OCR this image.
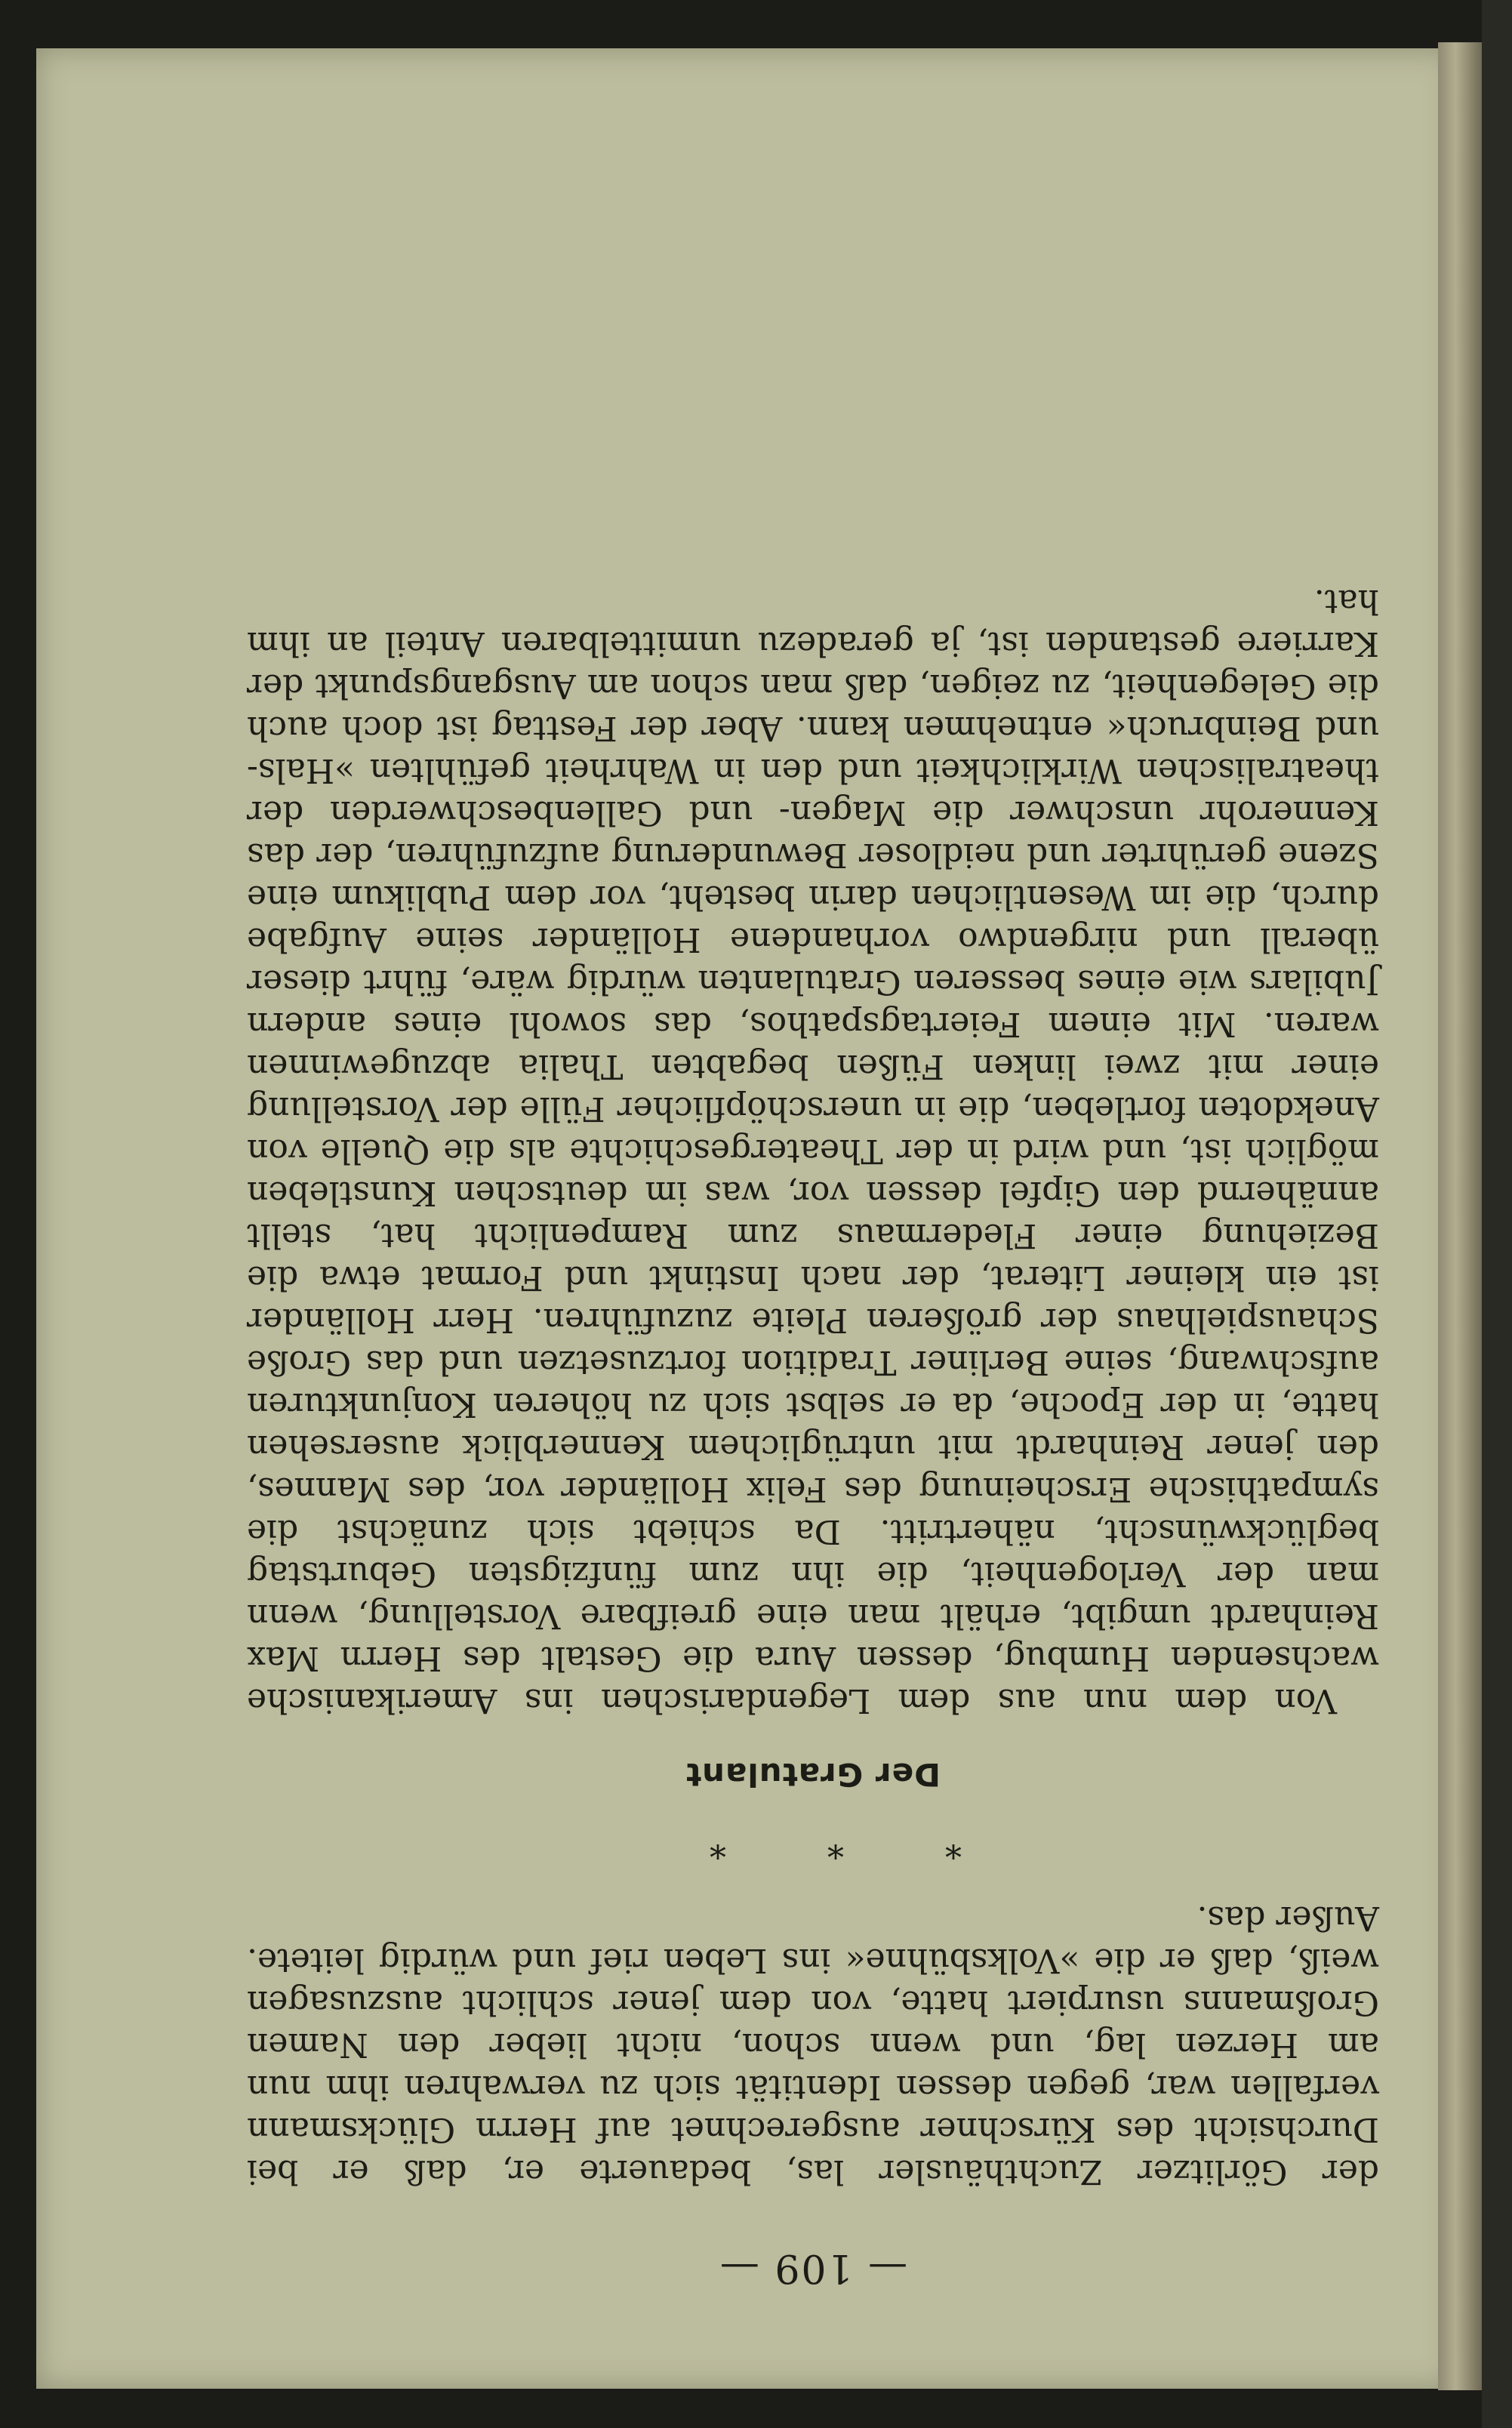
— 109 —

der Görlitzer Zuchthäusler las, bedauerte er, daß er bei Durchsicht des Kürschner ausgerechnet auf Herrn Glücksmann verfallen war, gegen dessen Identität sich zu verwahren ihm nun am Herzen lag, und wenn schon, nicht lieber den Namen Großmanns usurpiert hatte, von dem jener schlicht auszusagen weiß, daß er die »Volksbühne« ins Leben rief und würdig leitete. Außer das.

* * *
Der Gratulant

Von dem nun aus dem Legendarischen ins Amerikanische wachsenden Humbug, dessen Aura die Gestalt des Herrn Max Reinhardt umgibt, erhält man eine greifbare Vorstellung, wenn man der Verlogenheit, die ihn zum fünfzigsten Geburtstag beglückwünscht, nähertritt. Da schiebt sich zunächst die sympathische Erscheinung des Felix Holländer vor, des Mannes, den jener Reinhardt mit untrüglichem Kennerblick ausersehen hatte, in der Epoche, da er selbst sich zu höheren Konjunkturen aufschwang, seine Berliner Tradition fortzusetzen und das Große Schauspielhaus der größeren Pleite zuzuführen. Herr Holländer ist ein kleiner Literat, der nach Instinkt und Format etwa die Beziehung einer Fledermaus zum Rampenlicht hat, stellt annähernd den Gipfel dessen vor, was im deutschen Kunstleben möglich ist, und wird in der Theatergeschichte als die Quelle von Anekdoten fortleben, die in unerschöpflicher Fülle der Vorstellung einer mit zwei linken Füßen begabten Thalia abzugewinnen waren. Mit einem Feiertagspathos, das sowohl eines andern Jubilars wie eines besseren Gratulanten würdig wäre, führt dieser überall und nirgendwo vorhandene Holländer seine Aufgabe durch, die im Wesentlichen darin besteht, vor dem Publikum eine Szene gerührter und neidloser Bewunderung aufzuführen, der das Kennerohr unschwer die Magen- und Gallenbeschwerden der theatralischen Wirklichkeit und den in Wahrheit gefühlten »Hals- und Beinbruch« entnehmen kann. Aber der Festtag ist doch auch die Gelegenheit, zu zeigen, daß man schon am Ausgangspunkt der Karriere gestanden ist, ja geradezu unmittelbaren Anteil an ihm hat.
